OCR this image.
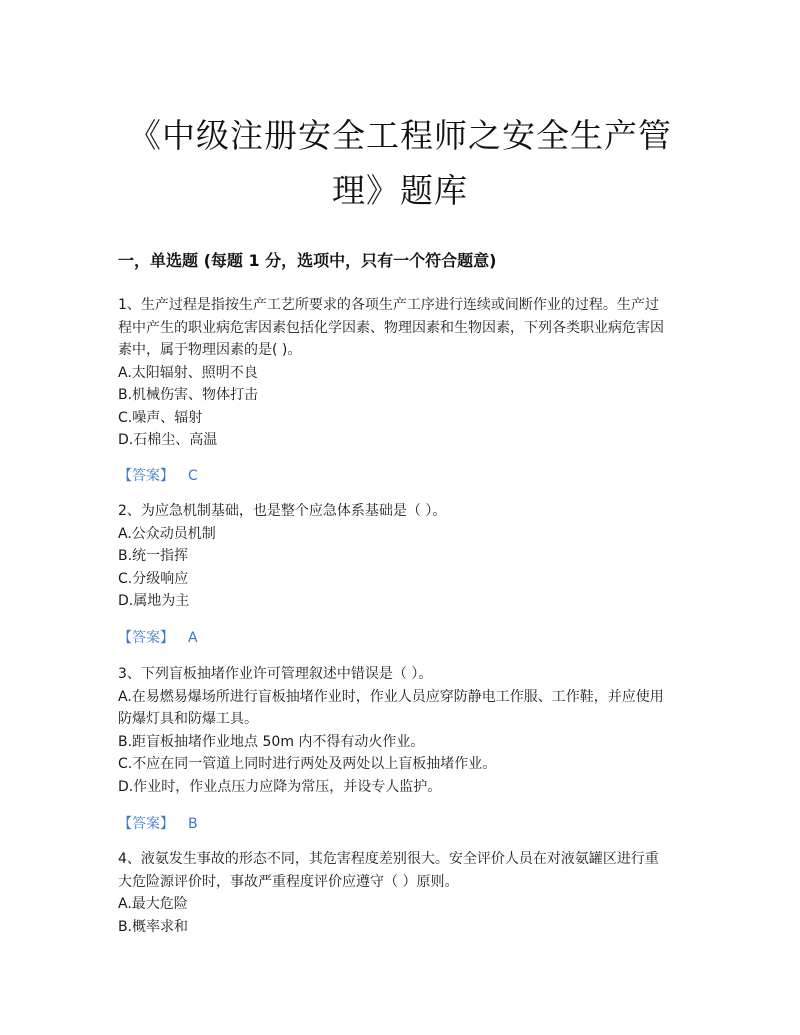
《中级注册安全工程师之安全生产管
理》题库
一，单选题 (每题 1 分，选项中，只有一个符合题意)
1、生产过程是指按生产工艺所要求的各项生产工序进行连续或间断作业的过程。生产过
程中产生的职业病危害因素包括化学因素、物理因素和生物因素，下列各类职业病危害因
素中，属于物理因素的是( )。
A.太阳辐射、照明不良
B.机械伤害、物体打击
C.噪声、辐射
D.石棉尘、高温
【答案】 C
2、为应急机制基础，也是整个应急体系基础是（ ）。
A.公众动员机制
B.统一指挥
C.分级响应
D.属地为主
【答案】 A
3、下列盲板抽堵作业许可管理叙述中错误是（ ）。
A.在易燃易爆场所进行盲板抽堵作业时，作业人员应穿防静电工作服、工作鞋，并应使用
防爆灯具和防爆工具。
B.距盲板抽堵作业地点 50m 内不得有动火作业。
C.不应在同一管道上同时进行两处及两处以上盲板抽堵作业。
D.作业时，作业点压力应降为常压，并设专人监护。
【答案】 B
4、液氨发生事故的形态不同，其危害程度差别很大。安全评价人员在对液氨罐区进行重
大危险源评价时，事故严重程度评价应遵守（ ）原则。
A.最大危险
B.概率求和
